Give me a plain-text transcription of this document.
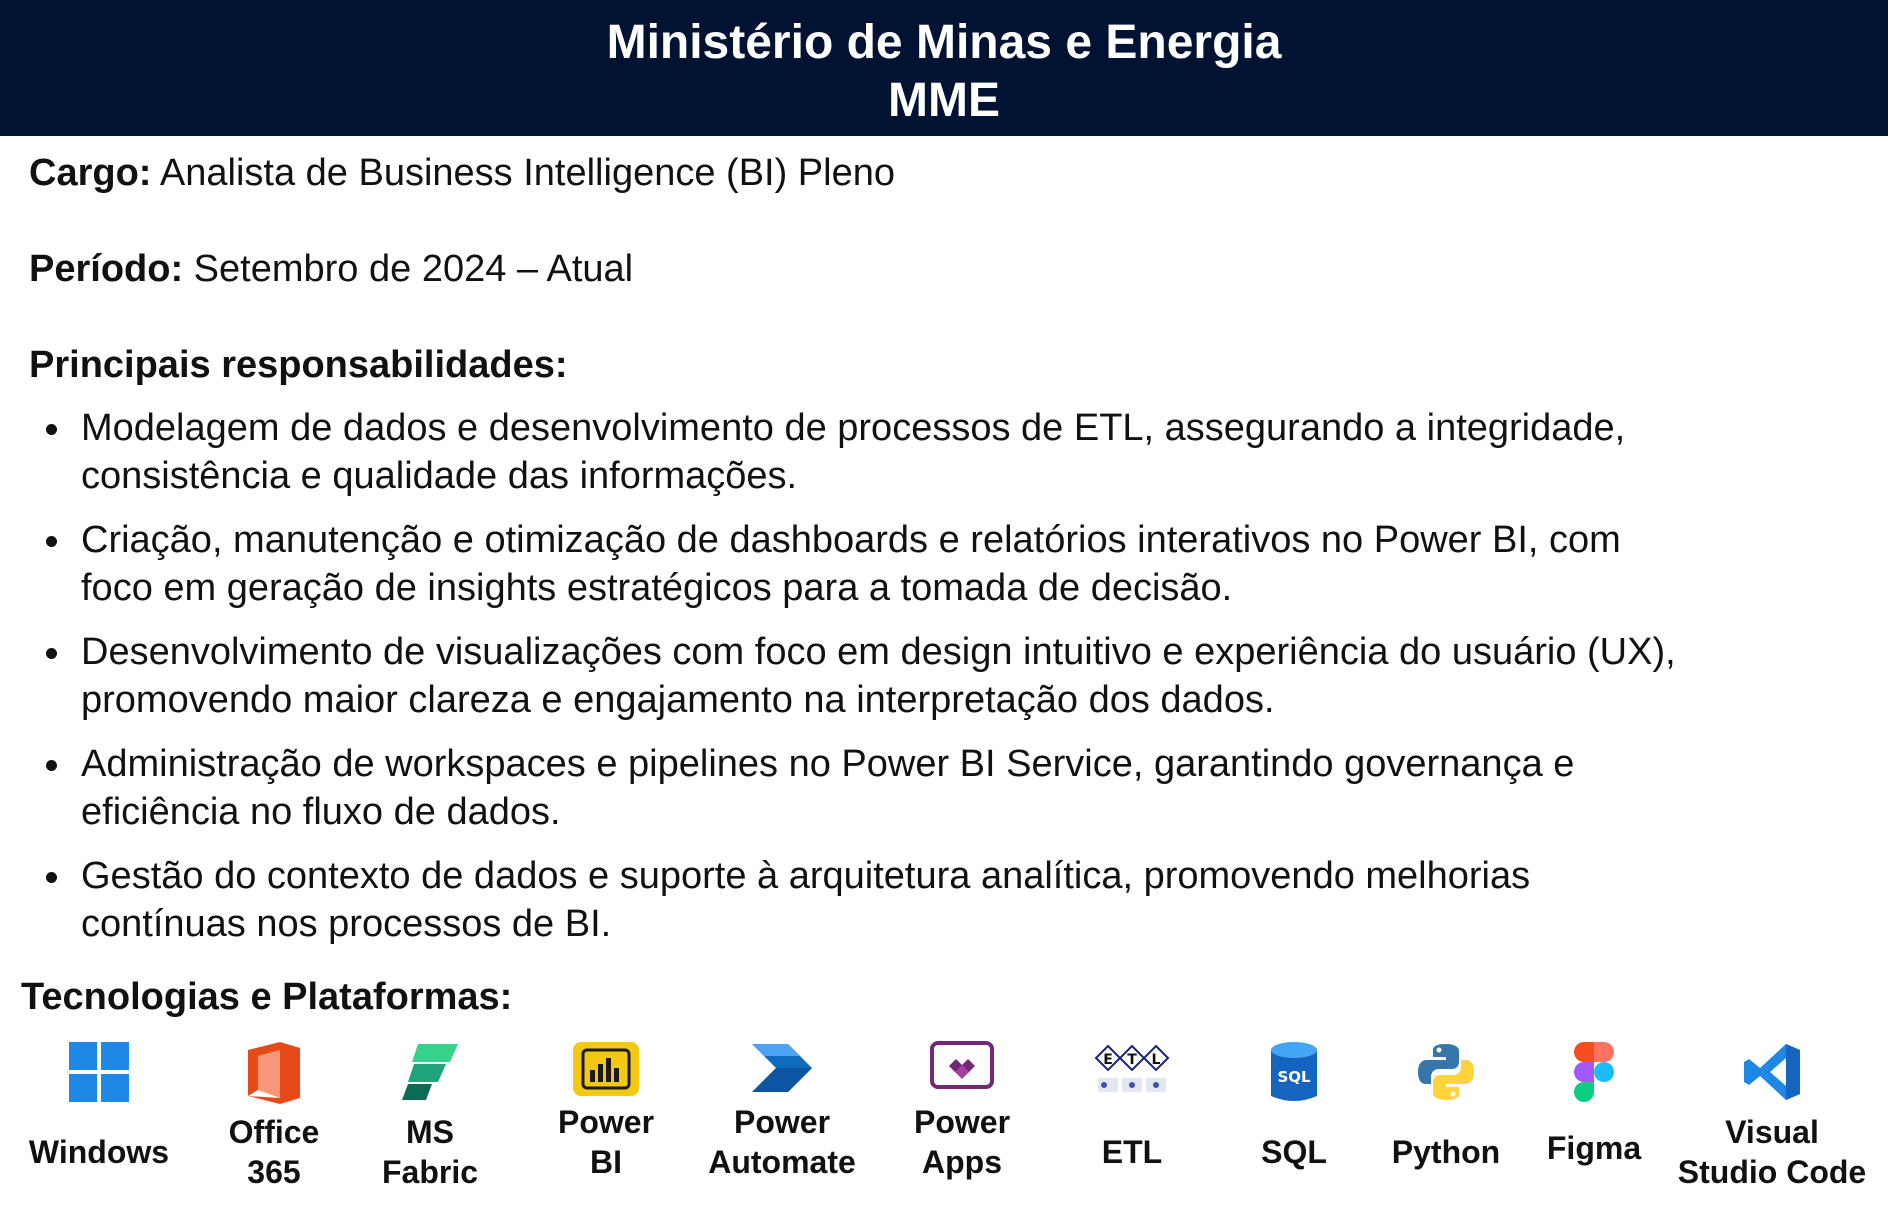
Ministério de Minas e Energia
MME

Cargo: Analista de Business Intelligence (BI) Pleno

Período: Setembro de 2024 – Atual

Principais responsabilidades:
Modelagem de dados e desenvolvimento de processos de ETL, assegurando a integridade,
consistência e qualidade das informações.
Criação, manutenção e otimização de dashboards e relatórios interativos no Power BI, com
foco em geração de insights estratégicos para a tomada de decisão.
Desenvolvimento de visualizações com foco em design intuitivo e experiência do usuário (UX),
promovendo maior clareza e engajamento na interpretação dos dados.
Administração de workspaces e pipelines no Power BI Service, garantindo governança e
eficiência no fluxo de dados.
Gestão do contexto de dados e suporte à arquitetura analítica, promovendo melhorias
contínuas nos processos de BI.
Tecnologias e Plataformas:
Windows
Office
365
MS
Fabric
Power
BI
Power
Automate
Power
Apps
E T L
ETL
SQL
SQL	Python	Figma	Visual
Studio Code
